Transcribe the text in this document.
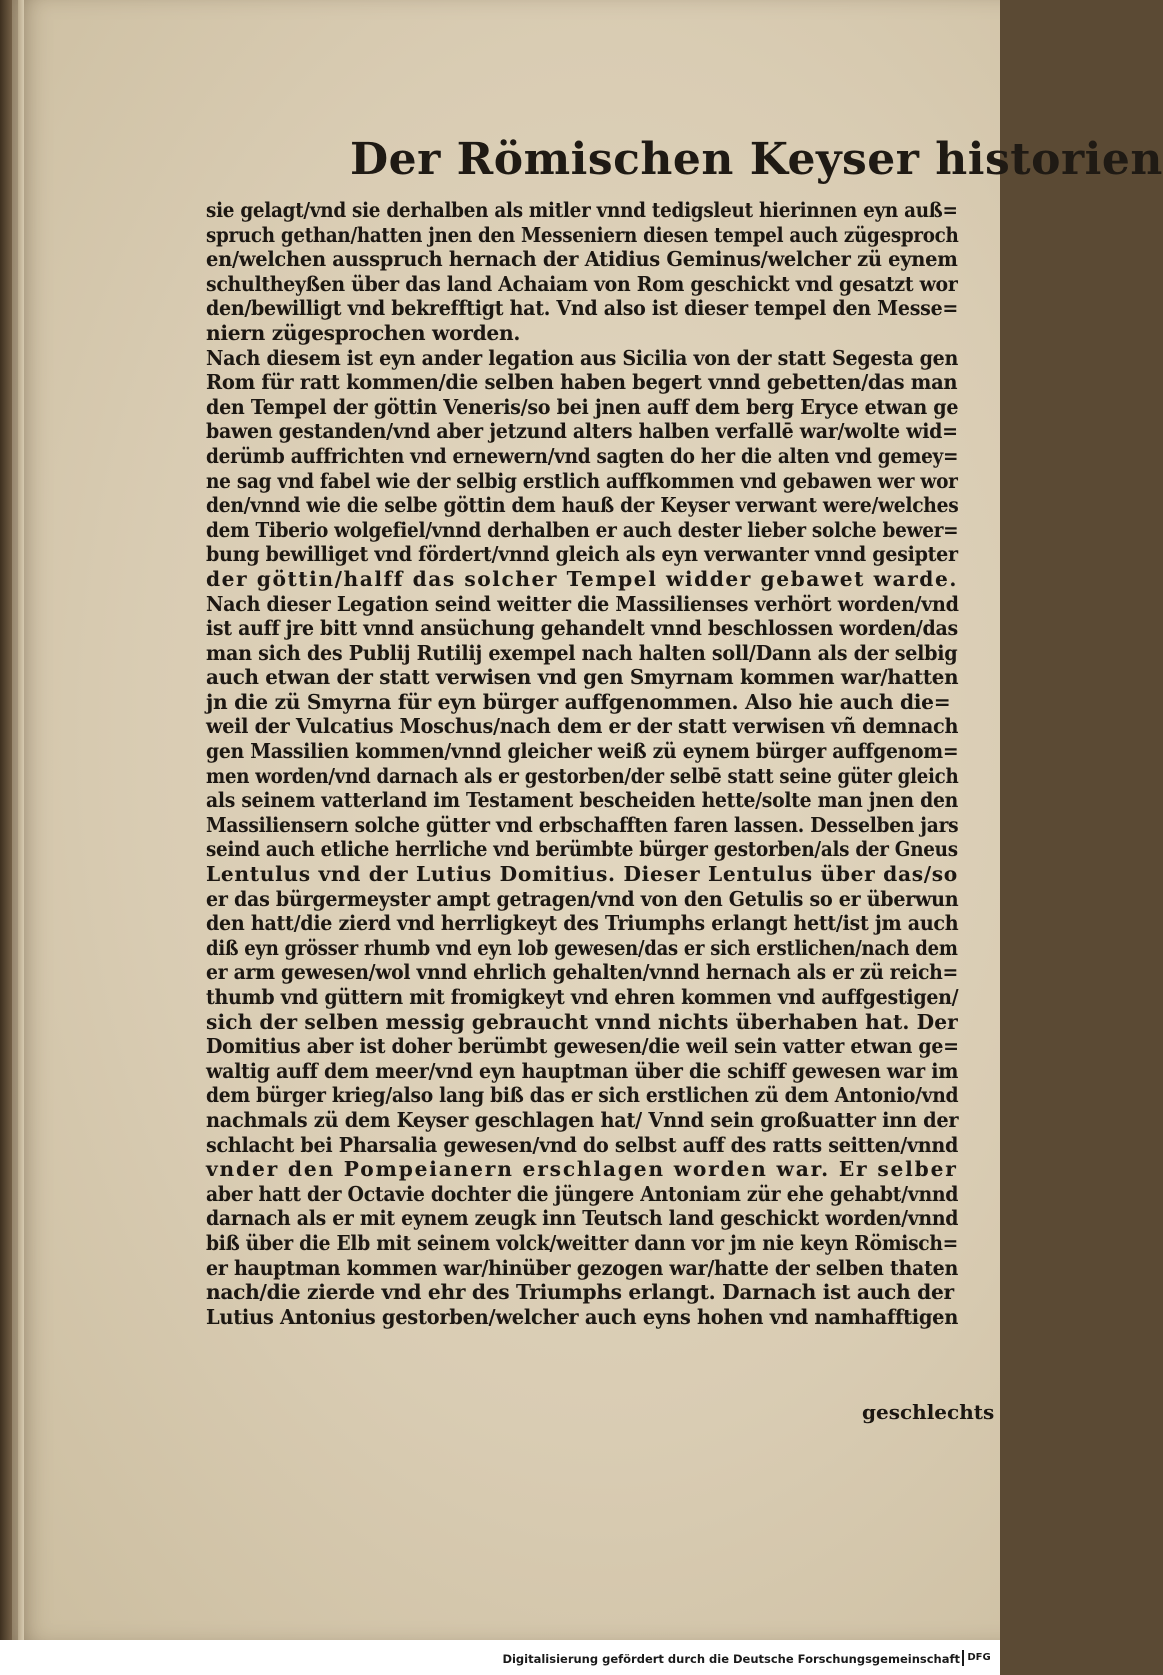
Der Römischen Keyser historien
sie gelagt/vnd sie derhalben als mitler vnnd tedigsleut hierinnen eyn auß=
spruch gethan/hatten jnen den Messeniern diesen tempel auch zügesproch
en/welchen ausspruch hernach der Atidius Geminus/welcher zü eynem
schultheyßen über das land Achaiam von Rom geschickt vnd gesatzt wor
den/bewilligt vnd bekrefftigt hat. Vnd also ist dieser tempel den Messe=
niern zügesprochen worden.
Nach diesem ist eyn ander legation aus Sicilia von der statt Segesta gen
Rom für ratt kommen/die selben haben begert vnnd gebetten/das man
den Tempel der göttin Veneris/so bei jnen auff dem berg Eryce etwan ge
bawen gestanden/vnd aber jetzund alters halben verfallē war/wolte wid=
derümb auffrichten vnd ernewern/vnd sagten do her die alten vnd gemey=
ne sag vnd fabel wie der selbig erstlich auffkommen vnd gebawen wer wor
den/vnnd wie die selbe göttin dem hauß der Keyser verwant were/welches
dem Tiberio wolgefiel/vnnd derhalben er auch dester lieber solche bewer=
bung bewilliget vnd fördert/vnnd gleich als eyn verwanter vnnd gesipter
der göttin/halff das solcher Tempel widder gebawet warde.
Nach dieser Legation seind weitter die Massilienses verhört worden/vnd
ist auff jre bitt vnnd ansüchung gehandelt vnnd beschlossen worden/das
man sich des Publij Rutilij exempel nach halten soll/Dann als der selbig
auch etwan der statt verwisen vnd gen Smyrnam kommen war/hatten
jn die zü Smyrna für eyn bürger auffgenommen. Also hie auch die=
weil der Vulcatius Moschus/nach dem er der statt verwisen vñ demnach
gen Massilien kommen/vnnd gleicher weiß zü eynem bürger auffgenom=
men worden/vnd darnach als er gestorben/der selbē statt seine güter gleich
als seinem vatterland im Testament bescheiden hette/solte man jnen den
Massiliensern solche gütter vnd erbschafften faren lassen. Desselben jars
seind auch etliche herrliche vnd berümbte bürger gestorben/als der Gneus
Lentulus vnd der Lutius Domitius. Dieser Lentulus über das/so
er das bürgermeyster ampt getragen/vnd von den Getulis so er überwun
den hatt/die zierd vnd herrligkeyt des Triumphs erlangt hett/ist jm auch
diß eyn grösser rhumb vnd eyn lob gewesen/das er sich erstlichen/nach dem
er arm gewesen/wol vnnd ehrlich gehalten/vnnd hernach als er zü reich=
thumb vnd güttern mit fromigkeyt vnd ehren kommen vnd auffgestigen/
sich der selben messig gebraucht vnnd nichts überhaben hat. Der
Domitius aber ist doher berümbt gewesen/die weil sein vatter etwan ge=
waltig auff dem meer/vnd eyn hauptman über die schiff gewesen war im
dem bürger krieg/also lang biß das er sich erstlichen zü dem Antonio/vnd
nachmals zü dem Keyser geschlagen hat/ Vnnd sein großuatter inn der
schlacht bei Pharsalia gewesen/vnd do selbst auff des ratts seitten/vnnd
vnder den Pompeianern erschlagen worden war. Er selber
aber hatt der Octavie dochter die jüngere Antoniam zür ehe gehabt/vnnd
darnach als er mit eynem zeugk inn Teutsch land geschickt worden/vnnd
biß über die Elb mit seinem volck/weitter dann vor jm nie keyn Römisch=
er hauptman kommen war/hinüber gezogen war/hatte der selben thaten
nach/die zierde vnd ehr des Triumphs erlangt. Darnach ist auch der
Lutius Antonius gestorben/welcher auch eyns hohen vnd namhafftigen
geschlechts
Digitalisierung gefördert durch die Deutsche Forschungsgemeinschaft DFG
